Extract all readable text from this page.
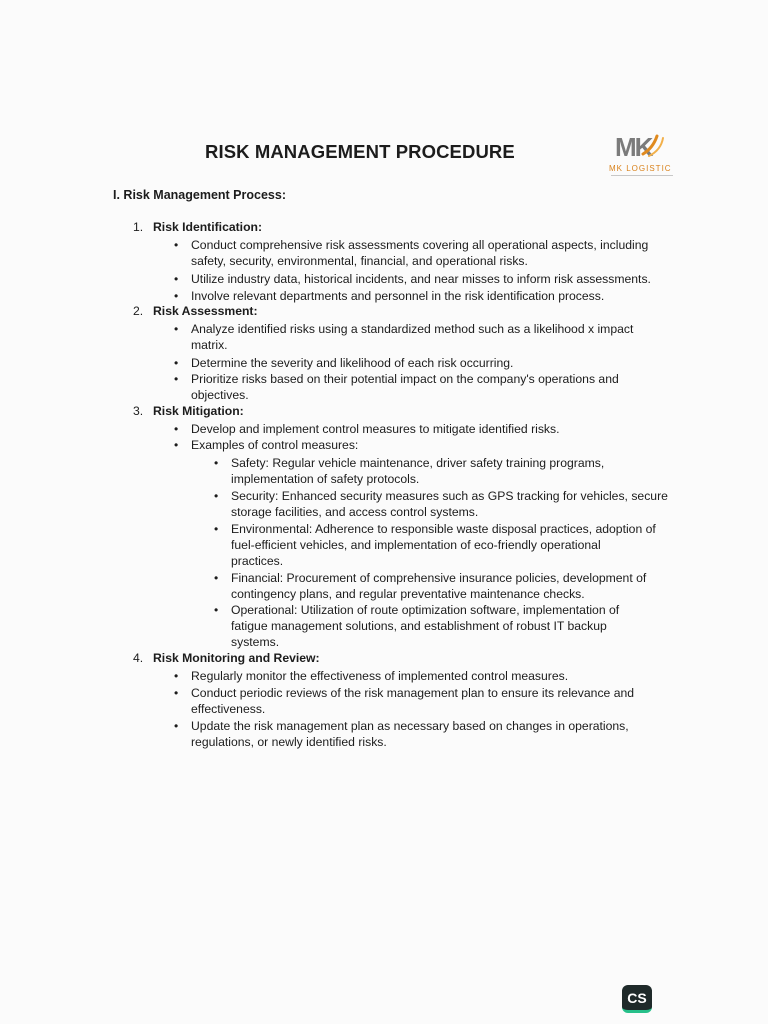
RISK MANAGEMENT PROCEDURE	MK
MK LOGISTIC
I. Risk Management Process:
1. Risk Identification:
• Conduct comprehensive risk assessments covering all operational aspects, including
safety, security, environmental, financial, and operational risks.
• Utilize industry data, historical incidents, and near misses to inform risk assessments.
• Involve relevant departments and personnel in the risk identification process.
2. Risk Assessment:
• Analyze identified risks using a standardized method such as a likelihood x impact
matrix.
• Determine the severity and likelihood of each risk occurring.
• Prioritize risks based on their potential impact on the company's operations and
objectives.
3. Risk Mitigation:
• Develop and implement control measures to mitigate identified risks.
• Examples of control measures:
• Safety: Regular vehicle maintenance, driver safety training programs,
implementation of safety protocols.
• Security: Enhanced security measures such as GPS tracking for vehicles, secure
storage facilities, and access control systems.
• Environmental: Adherence to responsible waste disposal practices, adoption of
fuel-efficient vehicles, and implementation of eco-friendly operational
practices.
• Financial: Procurement of comprehensive insurance policies, development of
contingency plans, and regular preventative maintenance checks.
• Operational: Utilization of route optimization software, implementation of
fatigue management solutions, and establishment of robust IT backup
systems.
4. Risk Monitoring and Review:
• Regularly monitor the effectiveness of implemented control measures.
• Conduct periodic reviews of the risk management plan to ensure its relevance and
effectiveness.
• Update the risk management plan as necessary based on changes in operations,
regulations, or newly identified risks.
CS
